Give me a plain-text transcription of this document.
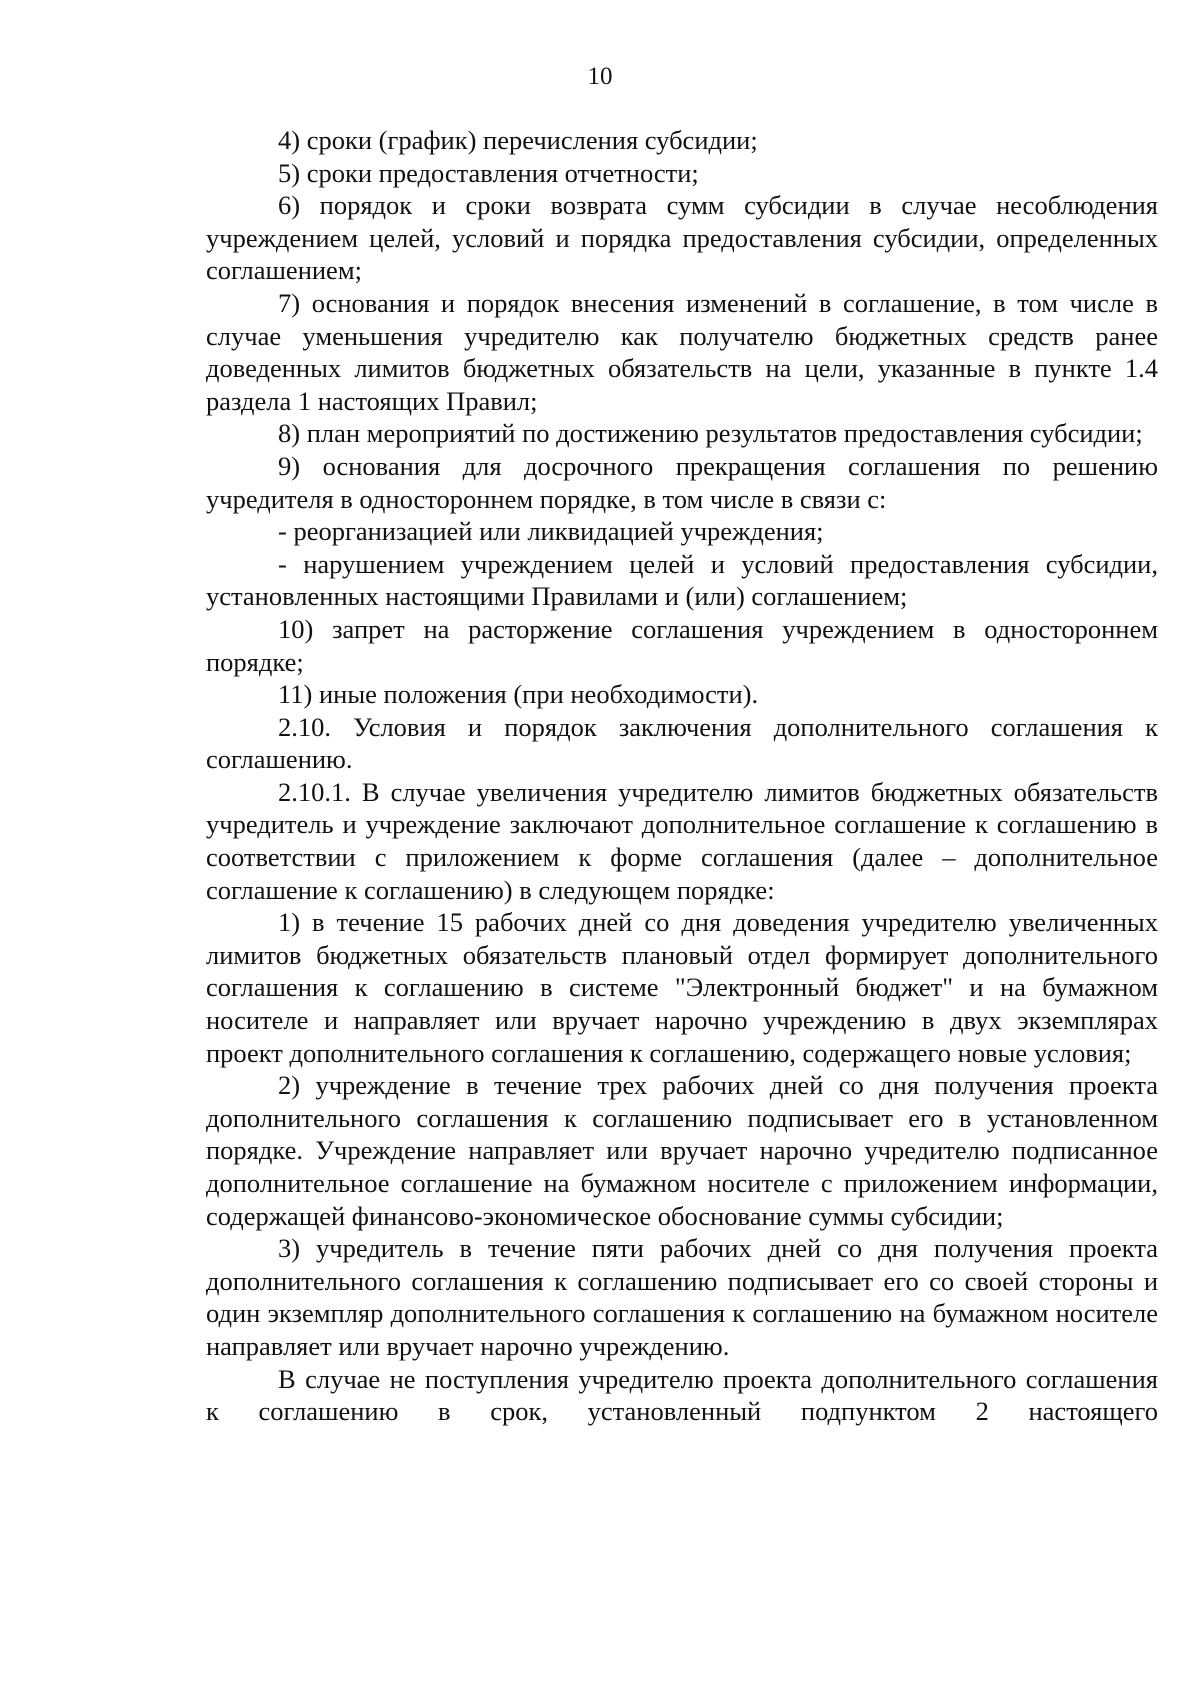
10

4) сроки (график) перечисления субсидии;

5) сроки предоставления отчетности;

6) порядок и сроки возврата сумм субсидии в случае несоблюдения учреждением целей, условий и порядка предоставления субсидии, определенных соглашением;

7) основания и порядок внесения изменений в соглашение, в том числе в случае уменьшения учредителю как получателю бюджетных средств ранее доведенных лимитов бюджетных обязательств на цели, указанные в пункте 1.4 раздела 1 настоящих Правил;

8) план мероприятий по достижению результатов предоставления субсидии;

9) основания для досрочного прекращения соглашения по решению учредителя в одностороннем порядке, в том числе в связи с:

- реорганизацией или ликвидацией учреждения;

- нарушением учреждением целей и условий предоставления субсидии, установленных настоящими Правилами и (или) соглашением;

10) запрет на расторжение соглашения учреждением в одностороннем порядке;

11) иные положения (при необходимости).

2.10. Условия и порядок заключения дополнительного соглашения к соглашению.

2.10.1. В случае увеличения учредителю лимитов бюджетных обязательств учредитель и учреждение заключают дополнительное соглашение к соглашению в соответствии с приложением к форме соглашения (далее – дополнительное соглашение к соглашению) в следующем порядке:

1) в течение 15 рабочих дней со дня доведения учредителю увеличенных лимитов бюджетных обязательств плановый отдел формирует дополнительного соглашения к соглашению в системе "Электронный бюджет" и на бумажном носителе и направляет или вручает нарочно учреждению в двух экземплярах проект дополнительного соглашения к соглашению, содержащего новые условия;

2) учреждение в течение трех рабочих дней со дня получения проекта дополнительного соглашения к соглашению подписывает его в установленном порядке. Учреждение направляет или вручает нарочно учредителю подписанное дополнительное соглашение на бумажном носителе с приложением информации, содержащей финансово-экономическое обоснование суммы субсидии;

3) учредитель в течение пяти рабочих дней со дня получения проекта дополнительного соглашения к соглашению подписывает его со своей стороны и один экземпляр дополнительного соглашения к соглашению на бумажном носителе направляет или вручает нарочно учреждению.

В случае не поступления учредителю проекта дополнительного соглашения к соглашению в срок, установленный подпунктом 2 настоящего
